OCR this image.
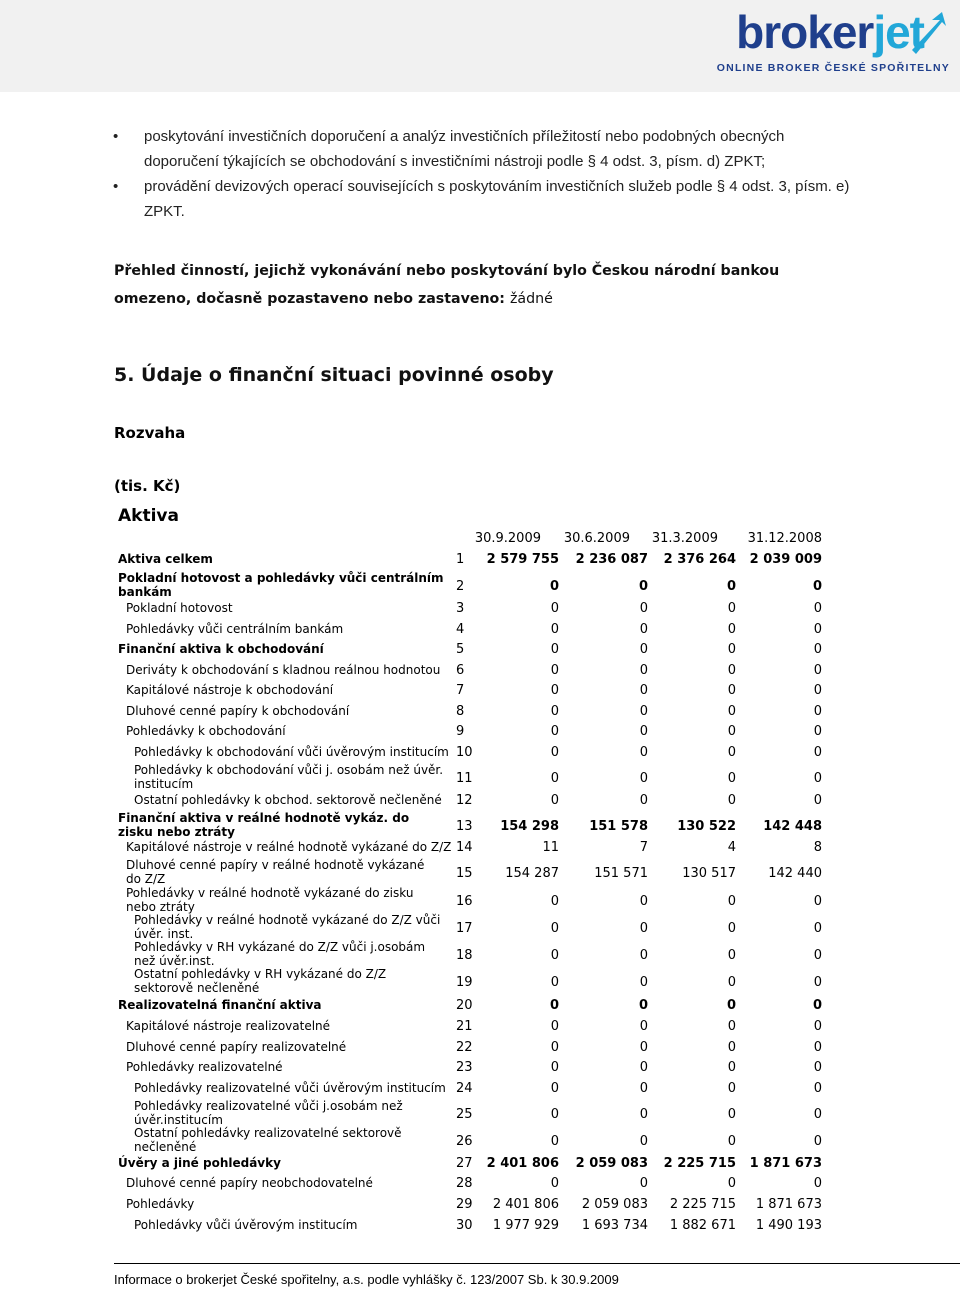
brokerjet
ONLINE BROKER ČESKÉ SPOŘITELNY
• poskytování investičních doporučení a analýz investičních příležitostí nebo podobných obecných doporučení týkajících se obchodování s investičními nástroji podle § 4 odst. 3, písm. d) ZPKT;
• provádění devizových operací souvisejících s poskytováním investičních služeb podle § 4 odst. 3, písm. e) ZPKT.
Přehled činností, jejichž vykonávání nebo poskytování bylo Českou národní bankou omezeno, dočasně pozastaveno nebo zastaveno: žádné
5. Údaje o finanční situaci povinné osoby
Rozvaha
(tis. Kč)
Aktiva
30.9.2009	30.6.2009	31.3.2009	31.12.2008
Aktiva celkem	1	2 579 755	2 236 087	2 376 264	2 039 009
Pokladní hotovost a pohledávky vůči centrálním bankám	2	0	0	0	0
Pokladní hotovost	3	0	0	0	0
Pohledávky vůči centrálním bankám	4	0	0	0	0
Finanční aktiva k obchodování	5	0	0	0	0
Deriváty k obchodování s kladnou reálnou hodnotou	6	0	0	0	0
Kapitálové nástroje k obchodování	7	0	0	0	0
Dluhové cenné papíry k obchodování	8	0	0	0	0
Pohledávky k obchodování	9	0	0	0	0
Pohledávky k obchodování vůči úvěrovým institucím 10	0	0	0	0
Pohledávky k obchodování vůči j. osobám než úvěr. institucím	11	0	0	0	0
Ostatní pohledávky k obchod. sektorově nečleněné	12	0	0	0	0
Finanční aktiva v reálné hodnotě vykáz. do zisku nebo ztráty	13	154 298	151 578	130 522	142 448
Kapitálové nástroje v reálné hodnotě vykázané do Z/Z 14	11	7	4	8
Dluhové cenné papíry v reálné hodnotě vykázané do Z/Z	15	154 287	151 571	130 517	142 440
Pohledávky v reálné hodnotě vykázané do zisku nebo ztráty	16	0	0	0	0
Pohledávky v reálné hodnotě vykázané do Z/Z vůči úvěr. inst.	17	0	0	0	0
Pohledávky v RH vykázané do Z/Z vůči j.osobám než úvěr.inst.	18	0	0	0	0
Ostatní pohledávky v RH vykázané do Z/Z sektorově nečleněné	19	0	0	0	0
Realizovatelná finanční aktiva	20	0	0	0	0
Kapitálové nástroje realizovatelné	21	0	0	0	0
Dluhové cenné papíry realizovatelné	22	0	0	0	0
Pohledávky realizovatelné	23	0	0	0	0
Pohledávky realizovatelné vůči úvěrovým institucím 24	0	0	0	0
Pohledávky realizovatelné vůči j.osobám než úvěr.institucím	25	0	0	0	0
Ostatní pohledávky realizovatelné sektorově nečleněné	26	0	0	0	0
Úvěry a jiné pohledávky	27	2 401 806	2 059 083	2 225 715	1 871 673
Dluhové cenné papíry neobchodovatelné	28	0	0	0	0
Pohledávky	29	2 401 806	2 059 083	2 225 715	1 871 673
Pohledávky vůči úvěrovým institucím	30	1 977 929	1 693 734	1 882 671	1 490 193
Informace o brokerjet České spořitelny, a.s. podle vyhlášky č. 123/2007 Sb. k 30.9.2009
